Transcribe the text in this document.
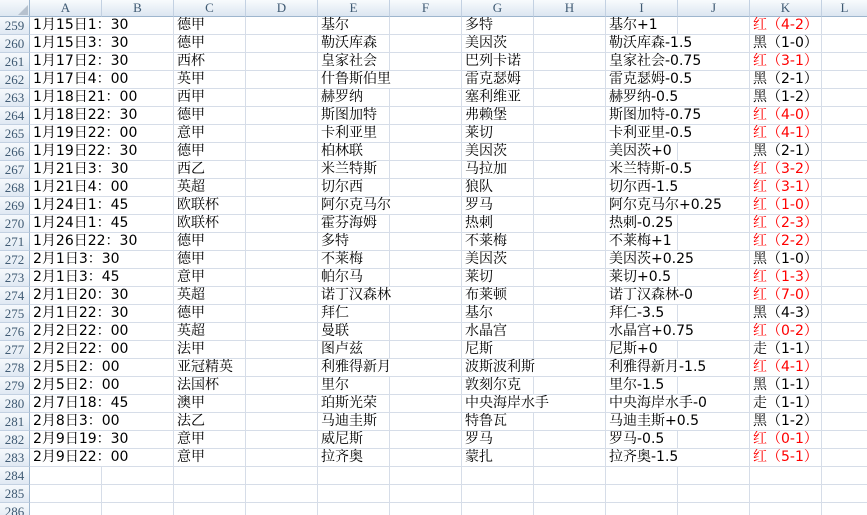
A	B	C	D	E	F	G	H	I	J	K	L
259 1月15日1：30	德甲	基尔	多特	基尔+1	红（4-2）
260 1月15日3：30	德甲	勒沃库森	美因茨	勒沃库森-1.5	黑（1-0）
261 1月17日2：30	西杯	皇家社会	巴列卡诺	皇家社会-0.75	红（3-1）
262 1月17日4：00	英甲	什鲁斯伯里	雷克瑟姆	雷克瑟姆-0.5	黑（2-1）
263 1月18日21：00	西甲	赫罗纳	塞利维亚	赫罗纳-0.5	黑（1-2）
264 1月18日22：30	德甲	斯图加特	弗赖堡	斯图加特-0.75	红（4-0）
265 1月19日22：00	意甲	卡利亚里	莱切	卡利亚里-0.5	红（4-1）
266 1月19日22：30	德甲	柏林联	美因茨	美因茨+0	黑（2-1）
267 1月21日3：30	西乙	米兰特斯	马拉加	米兰特斯-0.5	红（3-2）
268 1月21日4：00	英超	切尔西	狼队	切尔西-1.5	红（3-1）
269 1月24日1：45	欧联杯	阿尔克马尔	罗马	阿尔克马尔+0.25 红（1-0）
270 1月24日1：45	欧联杯	霍芬海姆	热刺	热刺-0.25	红（2-3）
271 1月26日22：30	德甲	多特	不莱梅	不莱梅+1	红（2-2）
272 2月1日3：30	德甲	不莱梅	美因茨	美因茨+0.25	黑（1-0）
273 2月1日3：45	意甲	帕尔马	莱切	莱切+0.5	红（1-3）
274 2月1日20：30	英超	诺丁汉森林	布莱顿	诺丁汉森林-0	红（7-0）
275 2月1日22：30	德甲	拜仁	基尔	拜仁-3.5	黑（4-3）
276 2月2日22：00	英超	曼联	水晶宫	水晶宫+0.75	红（0-2）
277 2月2日22：00	法甲	图卢兹	尼斯	尼斯+0	走（1-1）
278 2月5日2：00	亚冠精英	利雅得新月	波斯波利斯	利雅得新月-1.5	红（4-1）
279 2月5日2：00	法国杯	里尔	敦刻尔克	里尔-1.5	黑（1-1）
280 2月7日18：45	澳甲	珀斯光荣	中央海岸水手	中央海岸水手-0	走（1-1）
281 2月8日3：00	法乙	马迪圭斯	特鲁瓦	马迪圭斯+0.5	黑（1-2）
282 2月9日19：30	意甲	威尼斯	罗马	罗马-0.5	红（0-1）
283 2月9日22：00	意甲	拉齐奥	蒙扎	拉齐奥-1.5	红（5-1）
284
285
286
